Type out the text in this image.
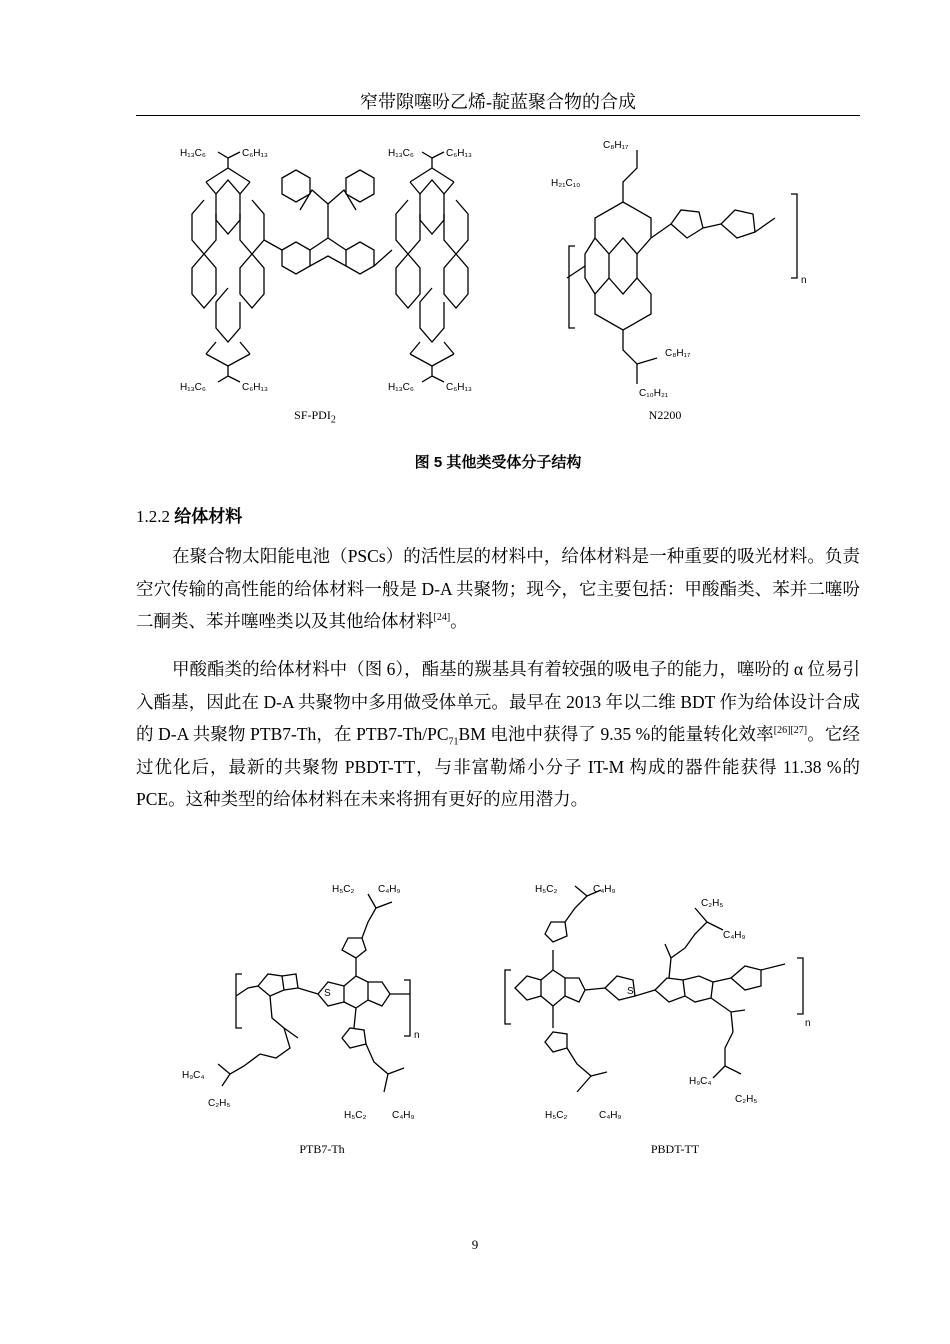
窄带隙噻吩乙烯-靛蓝聚合物的合成
H₁₃C₆	C₆H₁₃	H₁₃C₆	C₆H₁₃
H₁₃C₆	C₆H₁₃	H₁₃C₆	C₆H₁₃
$SF-PDI_2$
C₈H₁₇
H₂₁C₁₀
C₈H₁₇
C₁₀H₂₁
n
N2200
图 5 其他类受体分子结构
1.2.2 给体材料

在聚合物太阳能电池（PSCs）的活性层的材料中，给体材料是一种重要的吸光材料。负责空穴传输的高性能的给体材料一般是 D-A 共聚物；现今，它主要包括：甲酸酯类、苯并二噻吩二酮类、苯并噻唑类以及其他给体材料[24]。

甲酸酯类的给体材料中（图 6），酯基的羰基具有着较强的吸电子的能力，噻吩的 α 位易引入酯基，因此在 D-A 共聚物中多用做受体单元。最早在 2013 年以二维 BDT 作为给体设计合成的 D-A 共聚物 PTB7-Th，在 $PTB7-Th/PC_{71}BM$ 电池中获得了 9.35 %的能量转化效率[26][27]。它经过优化后，最新的共聚物 PBDT-TT，与非富勒烯小分子 IT-M 构成的器件能获得 11.38 %的 PCE。这种类型的给体材料在未来将拥有更好的应用潜力。

H₅C₂ C₄H₉
H₉C₄
C₂H₅
H₅C₂	C₄H₉
S
n
PTB7-Th
H₅C₂	C₄H₉
C₂H₅
C₄H₉
H₉C₄
C₂H₅
H₅C₂	C₄H₉
S
n
PBDT-TT
9
